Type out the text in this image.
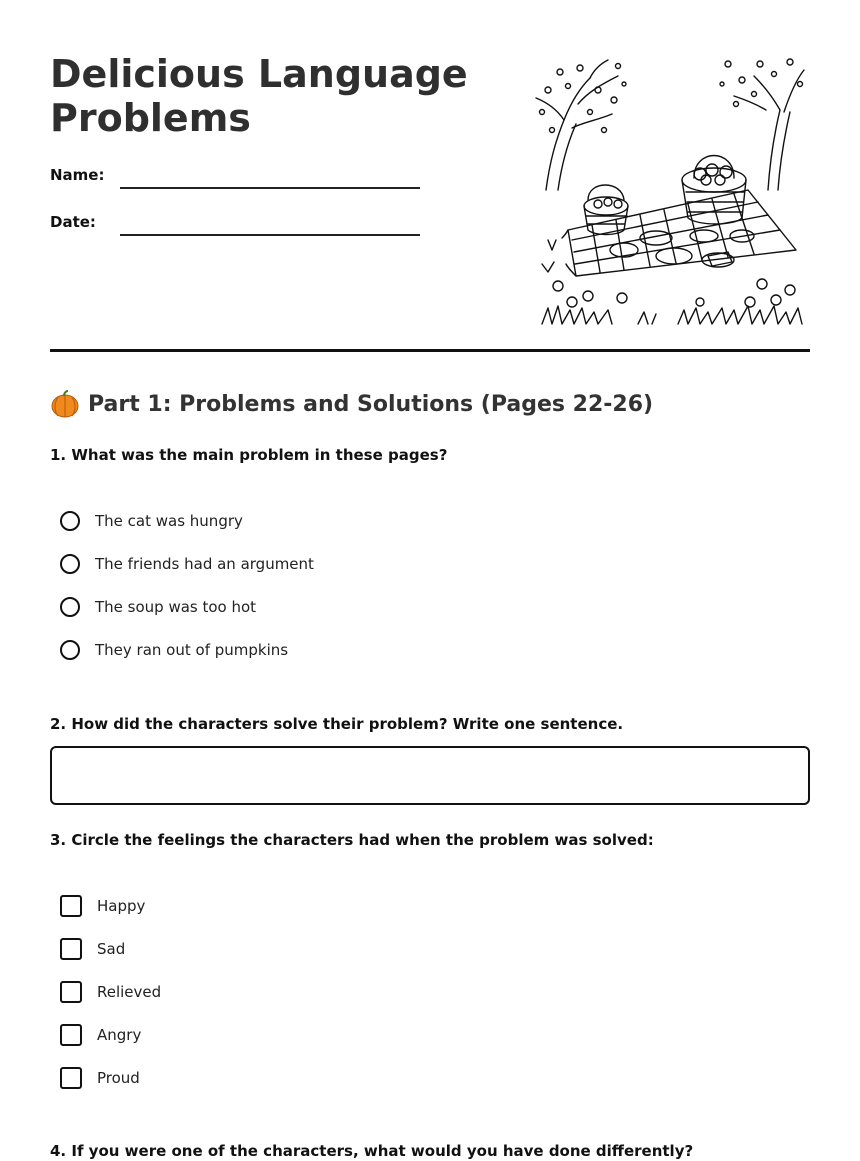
Delicious Language Problems
Name:
Date:
Part 1: Problems and Solutions (Pages 22-26)
1. What was the main problem in these pages?
The cat was hungry
The friends had an argument
The soup was too hot
They ran out of pumpkins
2. How did the characters solve their problem? Write one sentence.
3. Circle the feelings the characters had when the problem was solved:
Happy
Sad
Relieved
Angry
Proud
4. If you were one of the characters, what would you have done differently?
